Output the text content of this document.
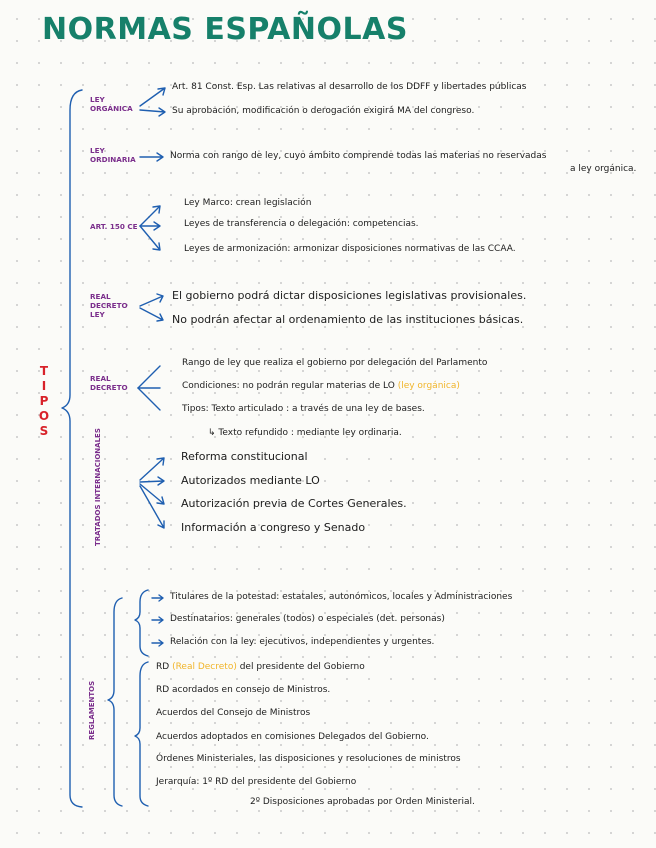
NORMAS ESPAÑOLAS
T
I
P
O
S
LEY ORGÁNICA
Art. 81 Const. Esp. Las relativas al desarrollo de los DDFF y libertades públicas
Su aprobación, modificación o derogación exigirá MA del congreso.
LEY ORDINARIA	Norma con rango de ley, cuyo ámbito comprende todas las materias no reservadas
a ley orgánica.
ART. 150 CE
Ley Marco: crean legislación
Leyes de transferencia o delegación: competencias.
Leyes de armonización: armonizar disposiciones normativas de las CCAA.
REAL DECRETO LEY
El gobierno podrá dictar disposiciones legislativas provisionales.
No podrán afectar al ordenamiento de las instituciones básicas.
REAL DECRETO
Rango de ley que realiza el gobierno por delegación del Parlamento
Condiciones: no podrán regular materias de LO (ley orgánica)
Tipos: Texto articulado : a través de una ley de bases.
↳ Texto refundido : mediante ley ordinaria.
TRATADOS INTERNACIONALES	Reforma constitucional
Autorizados mediante LO
Autorización previa de Cortes Generales.
Información a congreso y Senado
REGLAMENTOS
Titulares de la potestad: estatales, autonómicos, locales y Administraciones
Destinatarios: generales (todos) o especiales (det. personas)
Relación con la ley: ejecutivos, independientes y urgentes.
RD (Real Decreto) del presidente del Gobierno
RD acordados en consejo de Ministros.
Acuerdos del Consejo de Ministros
Acuerdos adoptados en comisiones Delegados del Gobierno.
Órdenes Ministeriales, las disposiciones y resoluciones de ministros
Jerarquía: 1º RD del presidente del Gobierno
2º Disposiciones aprobadas por Orden Ministerial.
